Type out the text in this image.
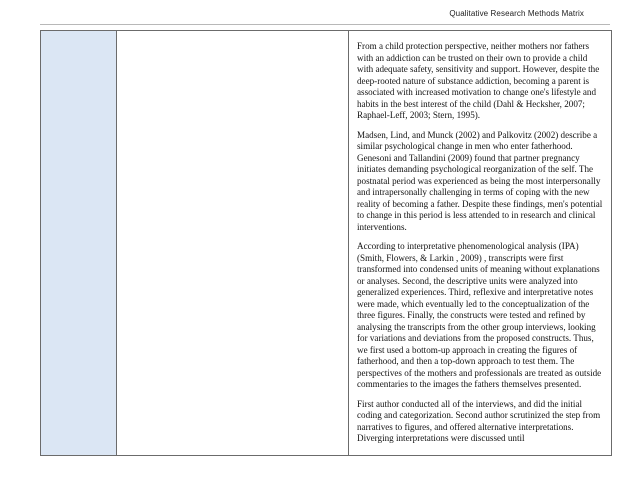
Qualitative Research Methods Matrix

From a child protection perspective, neither mothers nor fathers with an addiction can be trusted on their own to provide a child with adequate safety, sensitivity and support. However, despite the deep-rooted nature of substance addiction, becoming a parent is associated with increased motivation to change one's lifestyle and habits in the best interest of the child (Dahl & Hecksher, 2007; Raphael-Leff, 2003; Stern, 1995).

Madsen, Lind, and Munck (2002) and Palkovitz (2002) describe a similar psychological change in men who enter fatherhood. Genesoni and Tallandini (2009) found that partner pregnancy initiates demanding psychological reorganization of the self. The postnatal period was experienced as being the most interpersonally and intrapersonally challenging in terms of coping with the new reality of becoming a father. Despite these findings, men's potential to change in this period is less attended to in research and clinical interventions.

According to interpretative phenomenological analysis (IPA) (Smith, Flowers, & Larkin , 2009) , transcripts were first transformed into condensed units of meaning without explanations or analyses. Second, the descriptive units were analyzed into generalized experiences. Third, reflexive and interpretative notes were made, which eventually led to the conceptualization of the three figures. Finally, the constructs were tested and refined by analysing the transcripts from the other group interviews, looking for variations and deviations from the proposed constructs. Thus, we first used a bottom-up approach in creating the figures of fatherhood, and then a top-down approach to test them. The perspectives of the mothers and professionals are treated as outside commentaries to the images the fathers themselves presented.

First author conducted all of the interviews, and did the initial coding and categorization. Second author scrutinized the step from narratives to figures, and offered alternative interpretations. Diverging interpretations were discussed until
